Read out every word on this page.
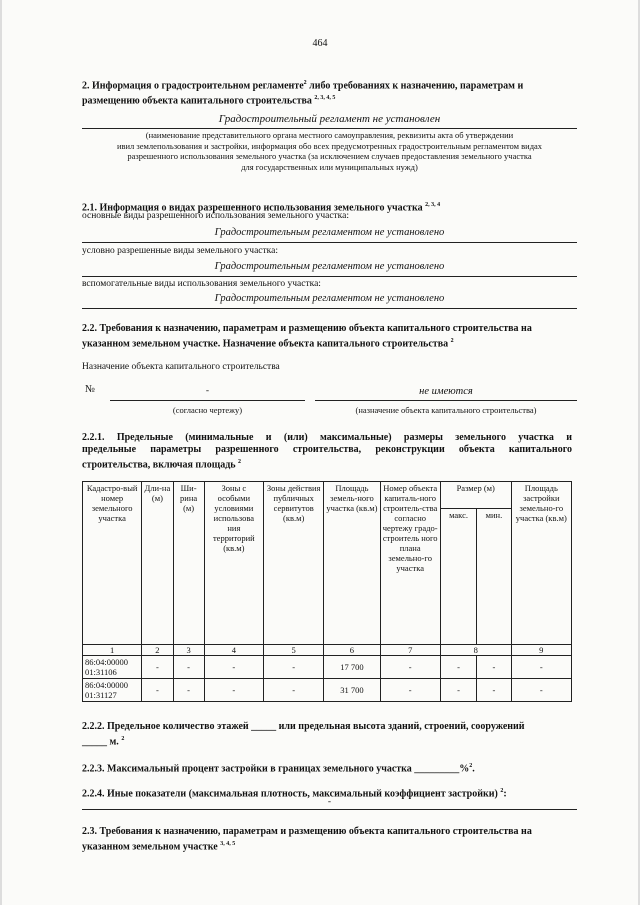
464
2. Информация о градостроительном регламенте$^2$ либо требованиях к назначению, параметрам и
размещению объекта капитального строительства $^{2, 3, 4, 5}$
Градостроительный регламент не установлен
(наименование представительного органа местного самоуправления, реквизиты акта об утверждении
ивил землепользования и застройки, информация обо всех предусмотренных градостроительным регламентом видах
разрешенного использования земельного участка (за исключением случаев предоставления земельного участка
для государственных или муниципальных нужд)
2.1. Информация о видах разрешенного использования земельного участка $^{2, 3, 4}$
основные виды разрешенного использования земельного участка:
Градостроительным регламентом не установлено
условно разрешенные виды земельного участка:
Градостроительным регламентом не установлено
вспомогательные виды использования земельного участка:
Градостроительным регламентом не установлено
2.2. Требования к назначению, параметрам и размещению объекта капитального строительства на
указанном земельном участке. Назначение объекта капитального строительства $^2$
Назначение объекта капитального строительства
№	-	не имеются
(согласно чертежу)	(назначение объекта капитального строительства)
2.2.1. Предельные (минимальные и (или) максимальные) размеры земельного участка и
предельные параметры разрешенного строительства, реконструкции объекта капитального
строительства, включая площадь $^2$
Кадастро-вый номер земельного участка	Дли-на (м)	Ши-рина (м)	Зоны с особыми условиями использова ния территорий (кв.м)	Зоны действия публичных сервитутов (кв.м)	Площадь земель-ного участка (кв.м)	Номер объекта капиталь-ного строитель-ства согласно чертежу градо-строитель ного плана земельно-го участка	Размер (м)		Площадь застройки земельно-го участка (кв.м)
							макс.	мин.	
1	2	3	4	5	6	7	8		9
86:04:00000 01:31106	-	-	-	-	17 700	-	-	-	-
86:04:00000 01:31127	-	-	-	-	31 700	-	-	-	-
2.2.2. Предельное количество этажей _____ или предельная высота зданий, строений, сооружений
_____ м. $^2$
2.2.3. Максимальный процент застройки в границах земельного участка _________%$^2$.
2.2.4. Иные показатели (максимальная плотность, максимальный коэффициент застройки) $^2$:
-
2.3. Требования к назначению, параметрам и размещению объекта капитального строительства на
указанном земельном участке $^{3, 4, 5}$
